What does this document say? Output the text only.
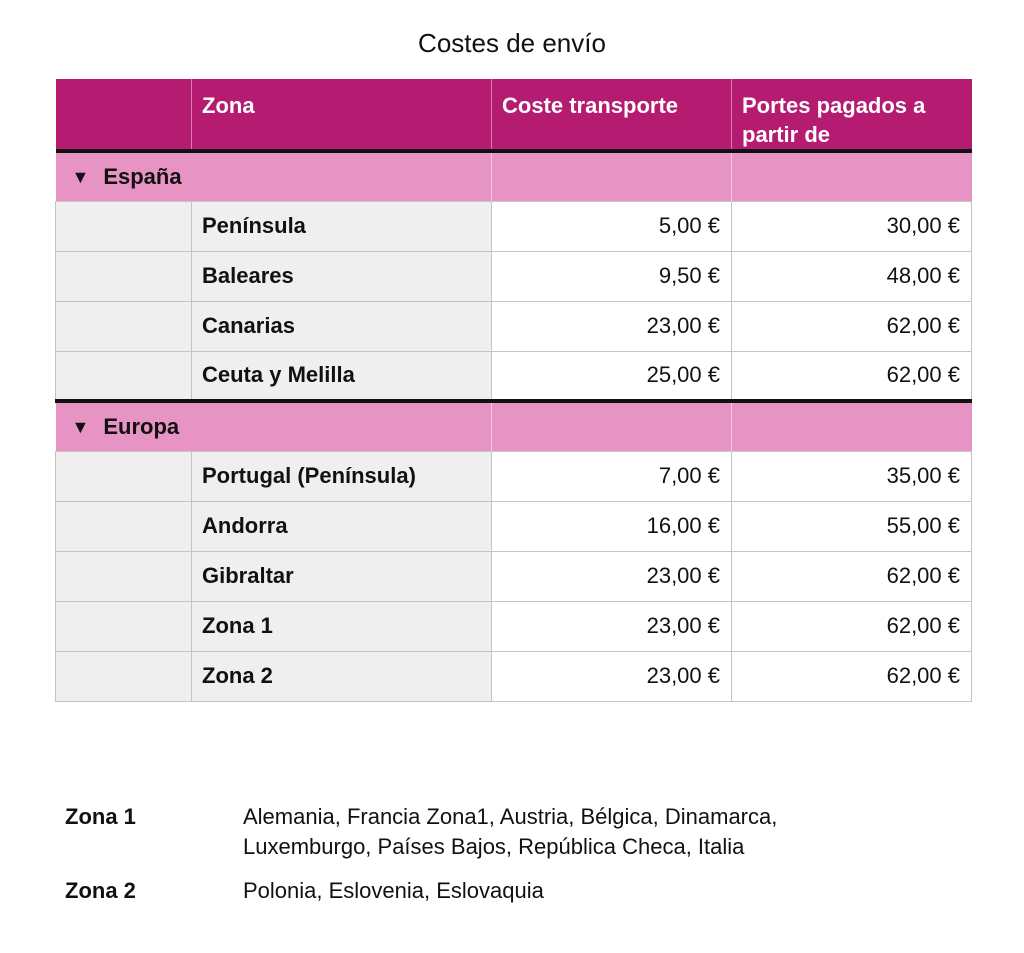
Costes de envío
	Zona	Coste transporte	Portes pagados a partir de
▼ España			
	Península	5,00 €	30,00 €
	Baleares	9,50 €	48,00 €
	Canarias	23,00 €	62,00 €
	Ceuta y Melilla	25,00 €	62,00 €
▼ Europa			
	Portugal (Península)	7,00 €	35,00 €
	Andorra	16,00 €	55,00 €
	Gibraltar	23,00 €	62,00 €
	Zona 1	23,00 €	62,00 €
	Zona 2	23,00 €	62,00 €
Zona 1	Alemania, Francia Zona1, Austria, Bélgica, Dinamarca, Luxemburgo, Países Bajos, República Checa, Italia
Zona 2	Polonia, Eslovenia, Eslovaquia
